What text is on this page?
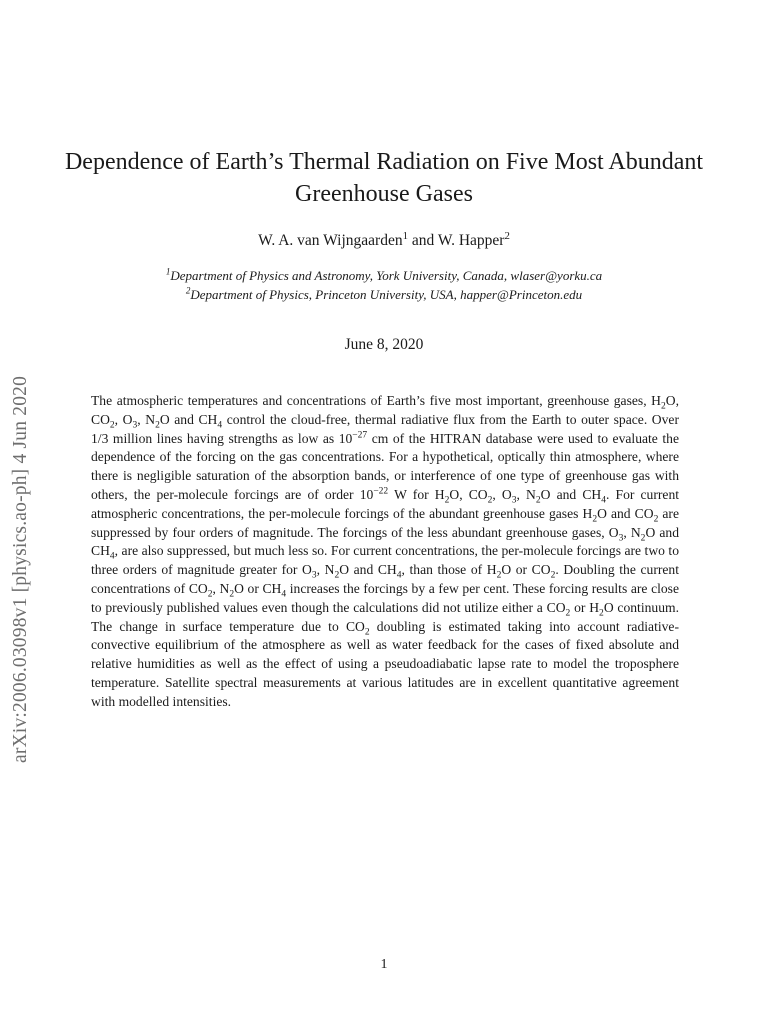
arXiv:2006.03098v1 [physics.ao-ph] 4 Jun 2020
Dependence of Earth’s Thermal Radiation on Five Most Abundant Greenhouse Gases
W. A. van Wijngaarden$^1$ and W. Happer$^2$
$^1$Department of Physics and Astronomy, York University, Canada, wlaser@yorku.ca
$^2$Department of Physics, Princeton University, USA, happer@Princeton.edu
June 8, 2020

The atmospheric temperatures and concentrations of Earth’s five most important, greenhouse gases, $H_2O$, $CO_2$, $O_3$, $N_2O$ and $CH_4$ control the cloud-free, thermal radiative flux from the Earth to outer space. Over 1/3 million lines having strengths as low as $10^{-27}$ cm of the HITRAN database were used to evaluate the dependence of the forcing on the gas concentrations. For a hypothetical, optically thin atmosphere, where there is negligible saturation of the absorption bands, or interference of one type of greenhouse gas with others, the per-molecule forcings are of order $10^{-22}$ W for $H_2O$, $CO_2$, $O_3$, $N_2O$ and $CH_4$. For current atmospheric concentrations, the per-molecule forcings of the abundant greenhouse gases $H_2O$ and $CO_2$ are suppressed by four orders of magnitude. The forcings of the less abundant greenhouse gases, $O_3$, $N_2O$ and $CH_4$, are also suppressed, but much less so. For current concentrations, the per-molecule forcings are two to three orders of magnitude greater for $O_3$, $N_2O$ and $CH_4$, than those of $H_2O$ or $CO_2$. Doubling the current concentrations of $CO_2$, $N_2O$ or $CH_4$ increases the forcings by a few per cent. These forcing results are close to previously published values even though the calculations did not utilize either a $CO_2$ or $H_2O$ continuum. The change in surface temperature due to $CO_2$ doubling is estimated taking into account radiative-convective equilibrium of the atmosphere as well as water feedback for the cases of fixed absolute and relative humidities as well as the effect of using a pseudoadiabatic lapse rate to model the troposphere temperature. Satellite spectral measurements at various latitudes are in excellent quantitative agreement with modelled intensities.

1
